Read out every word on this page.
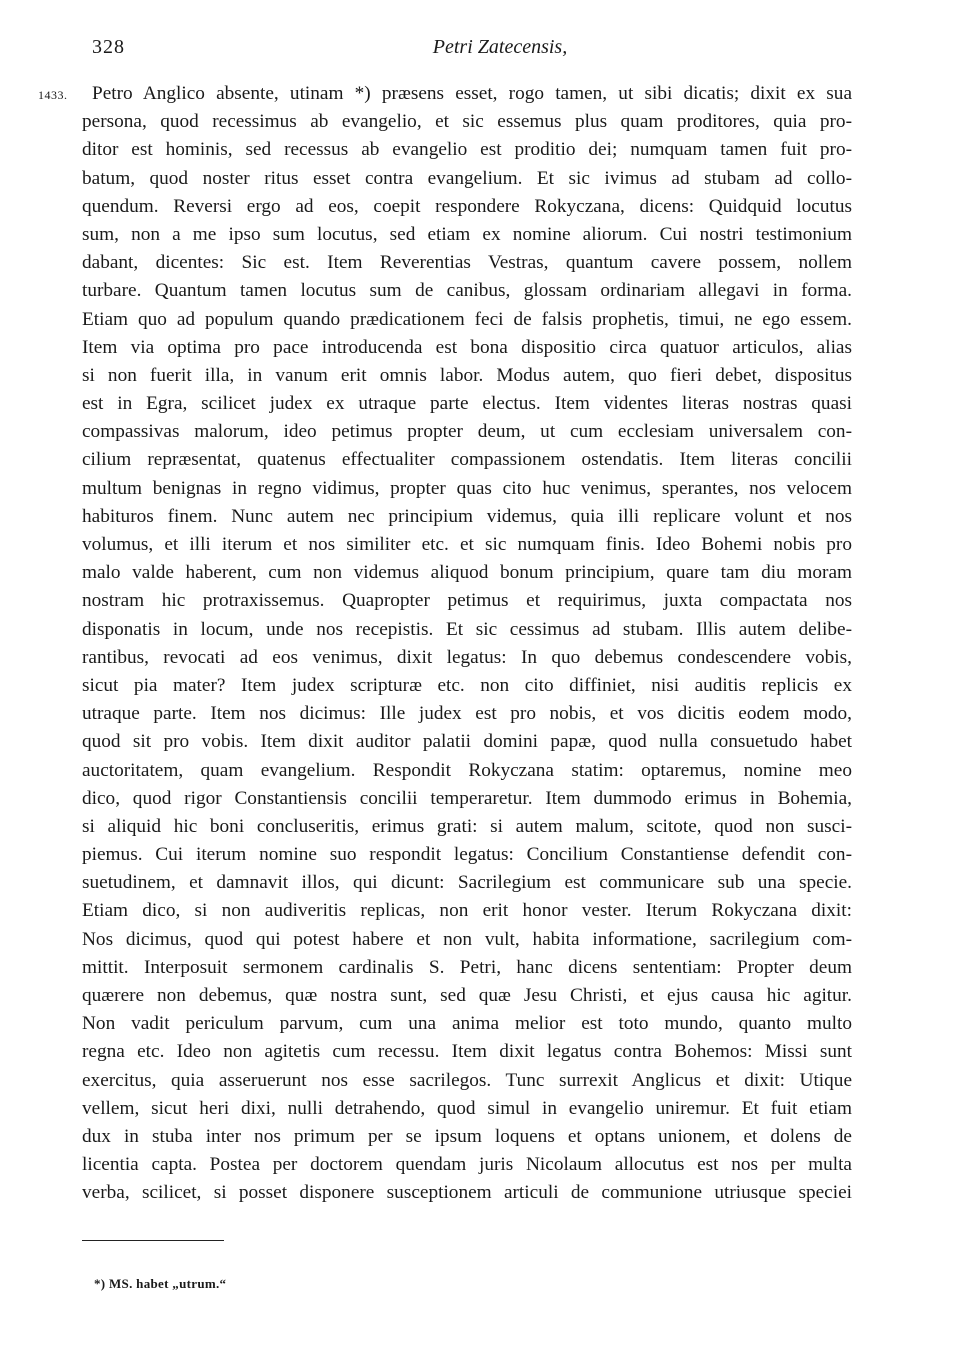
328	Petri Zatecensis,
1433.	Petro Anglico absente, utinam *) præsens esset, rogo tamen, ut sibi dicatis; dixit ex sua
persona, quod recessimus ab evangelio, et sic essemus plus quam proditores, quia pro-
ditor est hominis, sed recessus ab evangelio est proditio dei; numquam tamen fuit pro-
batum, quod noster ritus esset contra evangelium. Et sic ivimus ad stubam ad collo-
quendum. Reversi ergo ad eos, coepit respondere Rokyczana, dicens: Quidquid locutus
sum, non a me ipso sum locutus, sed etiam ex nomine aliorum. Cui nostri testimonium
dabant, dicentes: Sic est. Item Reverentias Vestras, quantum cavere possem, nollem
turbare. Quantum tamen locutus sum de canibus, glossam ordinariam allegavi in forma.
Etiam quo ad populum quando prædicationem feci de falsis prophetis, timui, ne ego essem.
Item via optima pro pace introducenda est bona dispositio circa quatuor articulos, alias
si non fuerit illa, in vanum erit omnis labor. Modus autem, quo fieri debet, dispositus
est in Egra, scilicet judex ex utraque parte electus. Item videntes literas nostras quasi
compassivas malorum, ideo petimus propter deum, ut cum ecclesiam universalem con-
cilium repræsentat, quatenus effectualiter compassionem ostendatis. Item literas concilii
multum benignas in regno vidimus, propter quas cito huc venimus, sperantes, nos velocem
habituros finem. Nunc autem nec principium videmus, quia illi replicare volunt et nos
volumus, et illi iterum et nos similiter etc. et sic numquam finis. Ideo Bohemi nobis pro
malo valde haberent, cum non videmus aliquod bonum principium, quare tam diu moram
nostram hic protraxissemus. Quapropter petimus et requirimus, juxta compactata nos
disponatis in locum, unde nos recepistis. Et sic cessimus ad stubam. Illis autem delibe-
rantibus, revocati ad eos venimus, dixit legatus: In quo debemus condescendere vobis,
sicut pia mater? Item judex scripturæ etc. non cito diffiniet, nisi auditis replicis ex
utraque parte. Item nos dicimus: Ille judex est pro nobis, et vos dicitis eodem modo,
quod sit pro vobis. Item dixit auditor palatii domini papæ, quod nulla consuetudo habet
auctoritatem, quam evangelium. Respondit Rokyczana statim: optaremus, nomine meo
dico, quod rigor Constantiensis concilii temperaretur. Item dummodo erimus in Bohemia,
si aliquid hic boni concluseritis, erimus grati: si autem malum, scitote, quod non susci-
piemus. Cui iterum nomine suo respondit legatus: Concilium Constantiense defendit con-
suetudinem, et damnavit illos, qui dicunt: Sacrilegium est communicare sub una specie.
Etiam dico, si non audiveritis replicas, non erit honor vester. Iterum Rokyczana dixit:
Nos dicimus, quod qui potest habere et non vult, habita informatione, sacrilegium com-
mittit. Interposuit sermonem cardinalis S. Petri, hanc dicens sententiam: Propter deum
quærere non debemus, quæ nostra sunt, sed quæ Jesu Christi, et ejus causa hic agitur.
Non vadit periculum parvum, cum una anima melior est toto mundo, quanto multo
regna etc. Ideo non agitetis cum recessu. Item dixit legatus contra Bohemos: Missi sunt
exercitus, quia asseruerunt nos esse sacrilegos. Tunc surrexit Anglicus et dixit: Utique
vellem, sicut heri dixi, nulli detrahendo, quod simul in evangelio uniremur. Et fuit etiam
dux in stuba inter nos primum per se ipsum loquens et optans unionem, et dolens de
licentia capta. Postea per doctorem quendam juris Nicolaum allocutus est nos per multa
verba, scilicet, si posset disponere susceptionem articuli de communione utriusque speciei
*) MS. habet „utrum.“
